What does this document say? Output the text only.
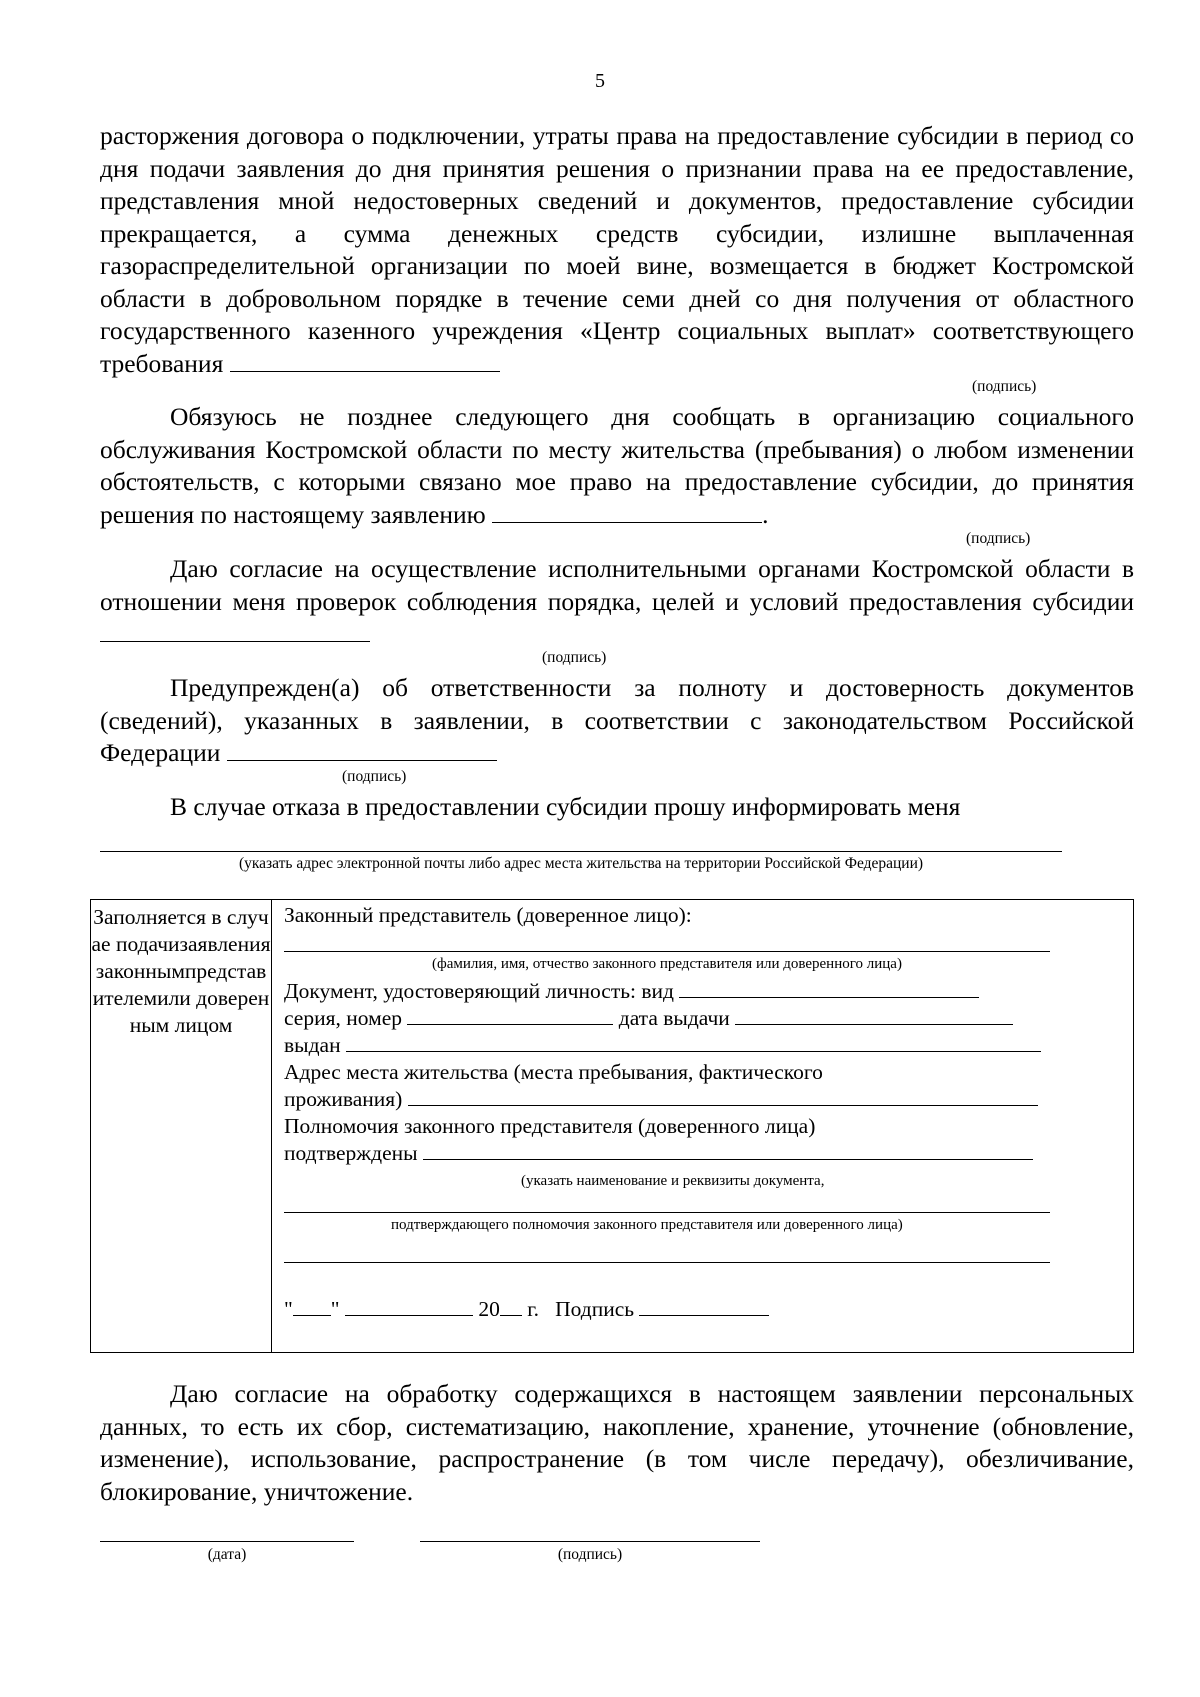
5
расторжения договора о подключении, утраты права на предоставление субсидии в период со дня подачи заявления до дня принятия решения о признании права на ее предоставление, представления мной недостоверных сведений и документов, предоставление субсидии прекращается, а сумма денежных средств субсидии, излишне выплаченная газораспределительной организации по моей вине, возмещается в бюджет Костромской области в добровольном порядке в течение семи дней со дня получения от областного государственного казенного учреждения «Центр социальных выплат» соответствующего требования
(подпись)
Обязуюсь не позднее следующего дня сообщать в организацию социального обслуживания Костромской области по месту жительства (пребывания) о любом изменении обстоятельств, с которыми связано мое право на предоставление субсидии, до принятия решения по настоящему заявлению	.
(подпись)
Даю согласие на осуществление исполнительными органами Костромской области в отношении меня проверок соблюдения порядка, целей и условий предоставления субсидии
(подпись)
Предупрежден(а) об ответственности за полноту и достоверность документов (сведений), указанных в заявлении, в соответствии с законодательством Российской Федерации
(подпись)
В случае отказа в предоставлении субсидии прошу информировать меня
(указать адрес электронной почты либо адрес места жительства на территории Российской Федерации)
Заполняется в случае подачизаявлениязаконнымпредставителемили доверенным лицом
Законный представитель (доверенное лицо):
(фамилия, имя, отчество законного представителя или доверенного лица)
Документ, удостоверяющий личность: вид
серия, номер	дата выдачи
выдан
Адрес места жительства (места пребывания, фактического
проживания)
Полномочия законного представителя (доверенного лица)
подтверждены
(указать наименование и реквизиты документа,
подтверждающего полномочия законного представителя или доверенного лица)
" "	20 г. Подпись
Даю согласие на обработку содержащихся в настоящем заявлении персональных данных, то есть их сбор, систематизацию, накопление, хранение, уточнение (обновление, изменение), использование, распространение (в том числе передачу), обезличивание, блокирование, уничтожение.
(дата)	(подпись)
